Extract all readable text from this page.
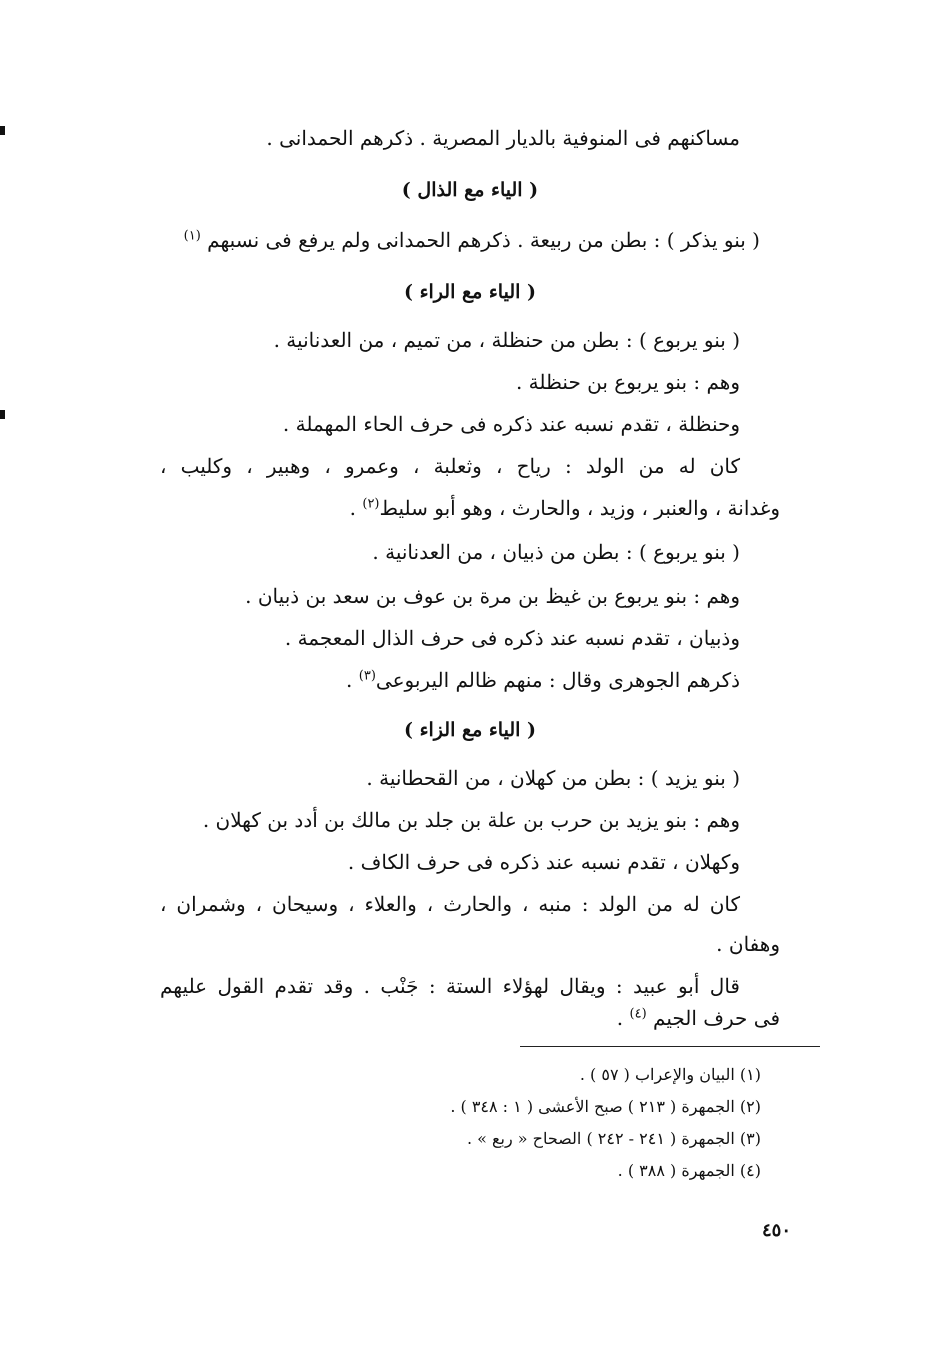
مساكنهم فى المنوفية بالديار المصرية . ذكرهم الحمدانى .
( الياء مع الذال )
( بنو يذكر ) : بطن من ربيعة . ذكرهم الحمدانى ولم يرفع فى نسبهم $^{(١)}$
( الياء مع الراء )
( بنو يربوع ) : بطن من حنظلة ، من تميم ، من العدنانية .
وهم : بنو يربوع بن حنظلة .
وحنظلة ، تقدم نسبه عند ذكره فى حرف الحاء المهملة .
كان له من الولد : رياح ، وثعلبة ، وعمرو ، وهبير ، وكليب ،
وغدانة ، والعنبر ، وزيد ، والحارث ، وهو أبو سليط$^{(٢)}$ .
( بنو يربوع ) : بطن من ذبيان ، من العدنانية .
وهم : بنو يربوع بن غيظ بن مرة بن عوف بن سعد بن ذبيان .
وذبيان ، تقدم نسبه عند ذكره فى حرف الذال المعجمة .
ذكرهم الجوهرى وقال : منهم ظالم اليربوعى$^{(٣)}$ .
( الياء مع الزاء )
( بنو يزيد ) : بطن من كهلان ، من القحطانية .
وهم : بنو يزيد بن حرب بن علة بن جلد بن مالك بن أدد بن كهلان .
وكهلان ، تقدم نسبه عند ذكره فى حرف الكاف .
كان له من الولد : منبه ، والحارث ، والعلاء ، وسيحان ، وشمران ،
وهفان .
قال أبو عبيد : ويقال لهؤلاء الستة : جَنْب . وقد تقدم القول عليهم
فى حرف الجيم $^{(٤)}$ .
(١) البيان والإعراب ( ٥٧ ) .
(٢) الجمهرة ( ٢١٣ ) صبح الأعشى ( ١ : ٣٤٨ ) .
(٣) الجمهرة ( ٢٤١ - ٢٤٢ ) الصحاح « ربع » .
(٤) الجمهرة ( ٣٨٨ ) .
٤٥٠
